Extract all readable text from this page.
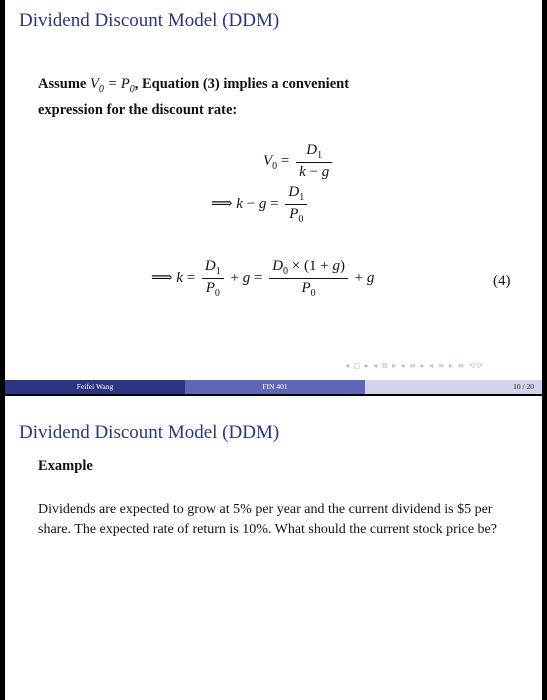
Dividend Discount Model (DDM)
Assume $V_0 = P_0$, Equation (3) implies a convenient
expression for the discount rate:
$V_0 = \frac{D_1}{k - g}$
⟹ $k - g = \frac{D_1}{P_0}$
⟹ $k = \frac{D_1}{P_0} + g = \frac{D_0 \times (1 + g)}{P_0} + g$	(4)
◂ ◻ ▸ ◂ ⧉ ▸ ◂ ≡ ▸ ◂ ≡ ▸ ≡ ⟲⟳
Feifei Wang	FIN 401	10 / 20
Dividend Discount Model (DDM)
Example
Dividends are expected to grow at 5% per year and the current dividend is $5 per share. The expected rate of return is 10%. What should the current stock price be?
